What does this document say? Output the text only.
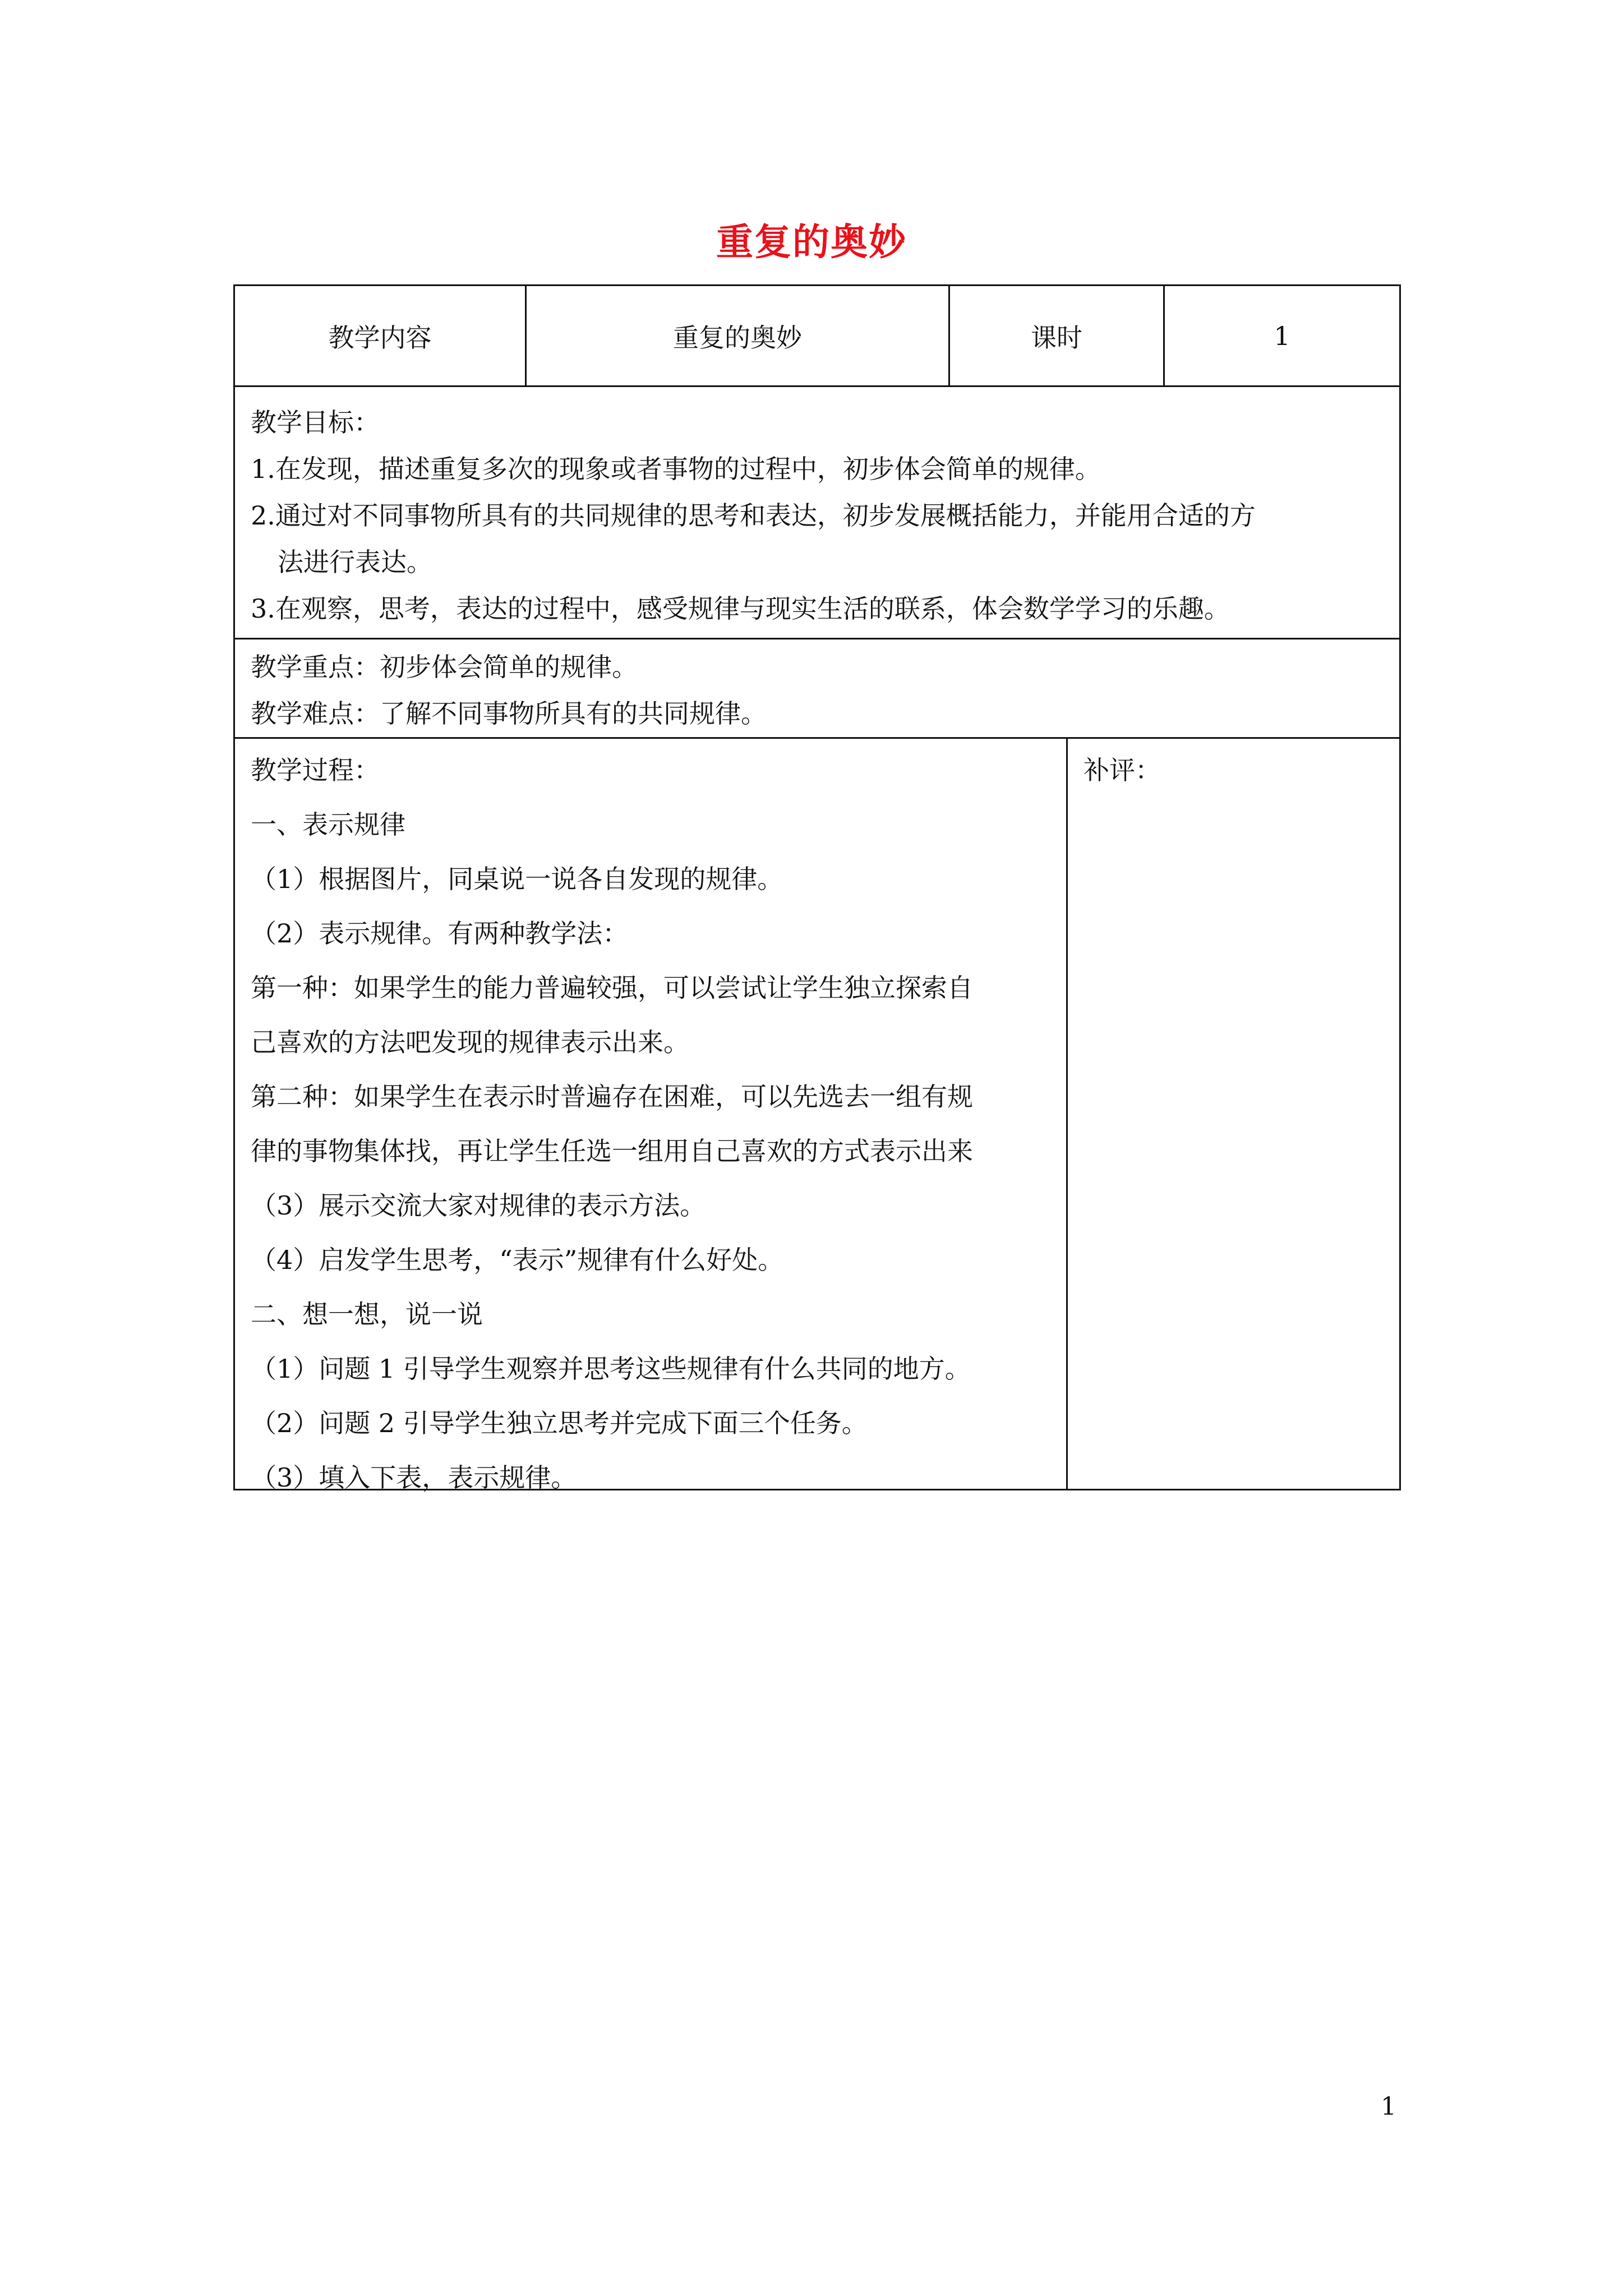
重复的奥妙
教学内容	重复的奥妙	课时	1
教学目标：
1.在发现，描述重复多次的现象或者事物的过程中，初步体会简单的规律。
2.通过对不同事物所具有的共同规律的思考和表达，初步发展概括能力，并能用合适的方
法进行表达。
3.在观察，思考，表达的过程中，感受规律与现实生活的联系，体会数学学习的乐趣。
教学重点：初步体会简单的规律。
教学难点：了解不同事物所具有的共同规律。
教学过程：
一、表示规律
（1）根据图片，同桌说一说各自发现的规律。
（2）表示规律。有两种教学法：
第一种：如果学生的能力普遍较强，可以尝试让学生独立探索自
己喜欢的方法吧发现的规律表示出来。
第二种：如果学生在表示时普遍存在困难，可以先选去一组有规
律的事物集体找，再让学生任选一组用自己喜欢的方式表示出来
（3）展示交流大家对规律的表示方法。
（4）启发学生思考，“表示”规律有什么好处。
二、想一想，说一说
（1）问题 1 引导学生观察并思考这些规律有什么共同的地方。
（2）问题 2 引导学生独立思考并完成下面三个任务。
（3）填入下表，表示规律。
补评：
1
